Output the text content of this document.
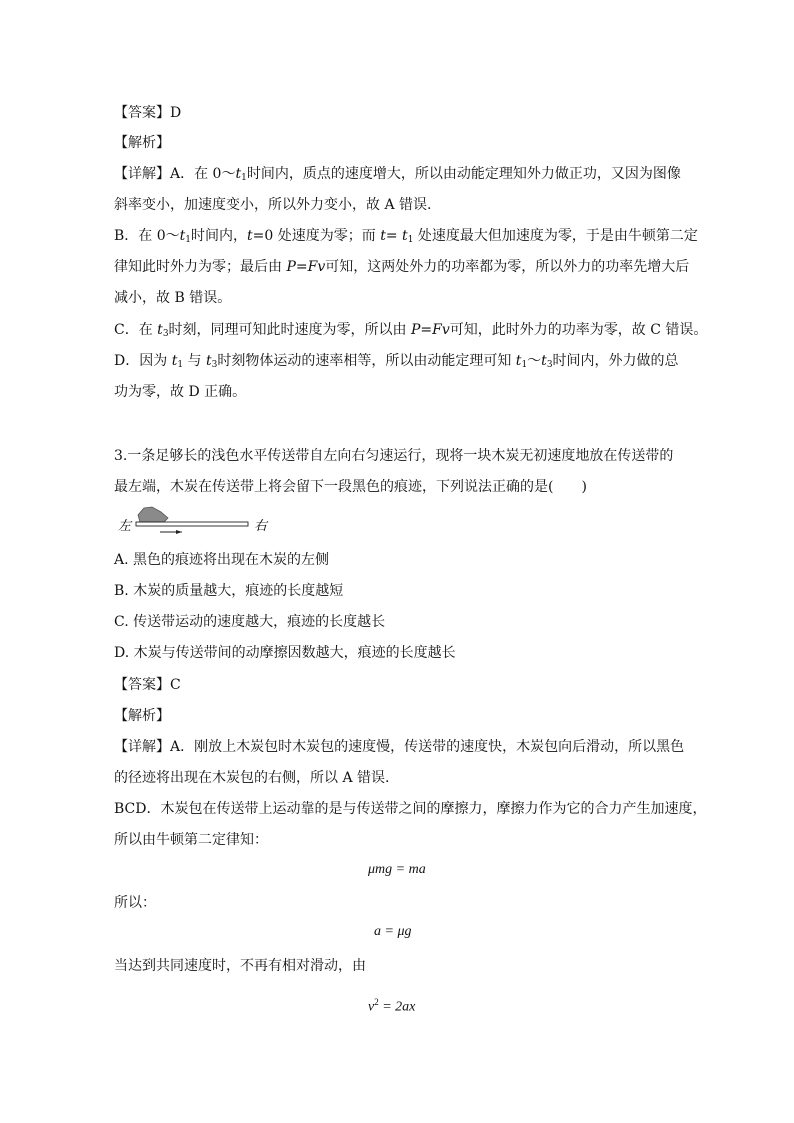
【答案】D
【解析】
【详解】A．在 $0\sim t_1$时间内，质点的速度增大，所以由动能定理知外力做正功，又因为图像
斜率变小，加速度变小，所以外力变小，故 A 错误.
B．在 $0\sim t_1$时间内，t=0 处速度为零；而 $t= t_1$ 处速度最大但加速度为零，于是由牛顿第二定
律知此时外力为零；最后由 P=Fv可知，这两处外力的功率都为零，所以外力的功率先增大后
减小，故 B 错误。
C．在 $t_3$时刻，同理可知此时速度为零，所以由 P=Fv可知，此时外力的功率为零，故 C 错误。
D．因为 $t_1$ 与 $t_3$时刻物体运动的速率相等，所以由动能定理可知 $t_1\sim t_3$时间内，外力做的总
功为零，故 D 正确。
3.一条足够长的浅色水平传送带自左向右匀速运行，现将一块木炭无初速度地放在传送带的
最左端，木炭在传送带上将会留下一段黑色的痕迹，下列说法正确的是(　　)
左	右
A. 黑色的痕迹将出现在木炭的左侧
B. 木炭的质量越大，痕迹的长度越短
C. 传送带运动的速度越大，痕迹的长度越长
D. 木炭与传送带间的动摩擦因数越大，痕迹的长度越长
【答案】C
【解析】
【详解】A．刚放上木炭包时木炭包的速度慢，传送带的速度快，木炭包向后滑动，所以黑色
的径迹将出现在木炭包的右侧，所以 A 错误.
BCD．木炭包在传送带上运动靠的是与传送带之间的摩擦力，摩擦力作为它的合力产生加速度，
所以由牛顿第二定律知：
μmg = ma
所以：
a = μg
当达到共同速度时，不再有相对滑动，由
$v^2 = 2ax$
